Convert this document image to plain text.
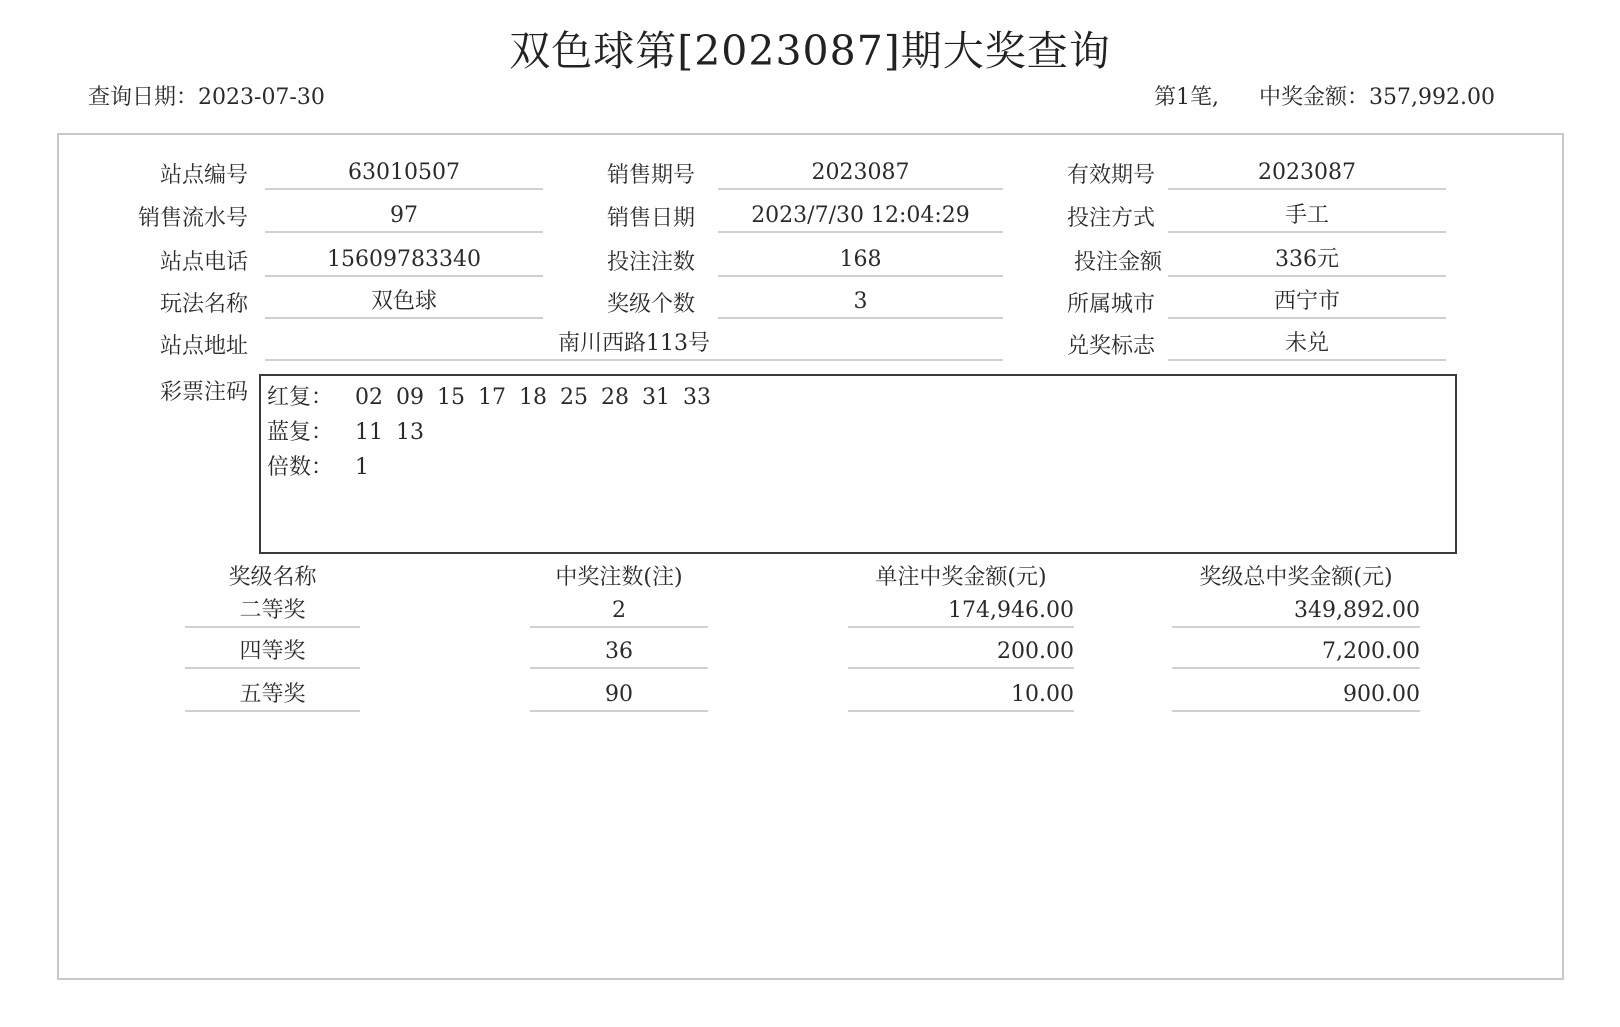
双色球第[2023087]期大奖查询
查询日期：2023-07-30	第1笔, 中奖金额：357,992.00
站点编号	63010507	销售期号	2023087	有效期号	2023087
销售流水号	97	销售日期	2023/7/30 12:04:29	投注方式	手工
站点电话	15609783340	投注注数	168	投注金额	336元
玩法名称	双色球	奖级个数	3	所属城市	西宁市
站点地址	南川西路113号	兑奖标志	未兑
彩票注码 红复： 02 09 15 17 18 25 28 31 33
蓝复： 11 13
倍数： 1
奖级名称	中奖注数(注)	单注中奖金额(元)	奖级总中奖金额(元)
二等奖	2	174,946.00	349,892.00
四等奖	36	200.00	7,200.00
五等奖	90	10.00	900.00
